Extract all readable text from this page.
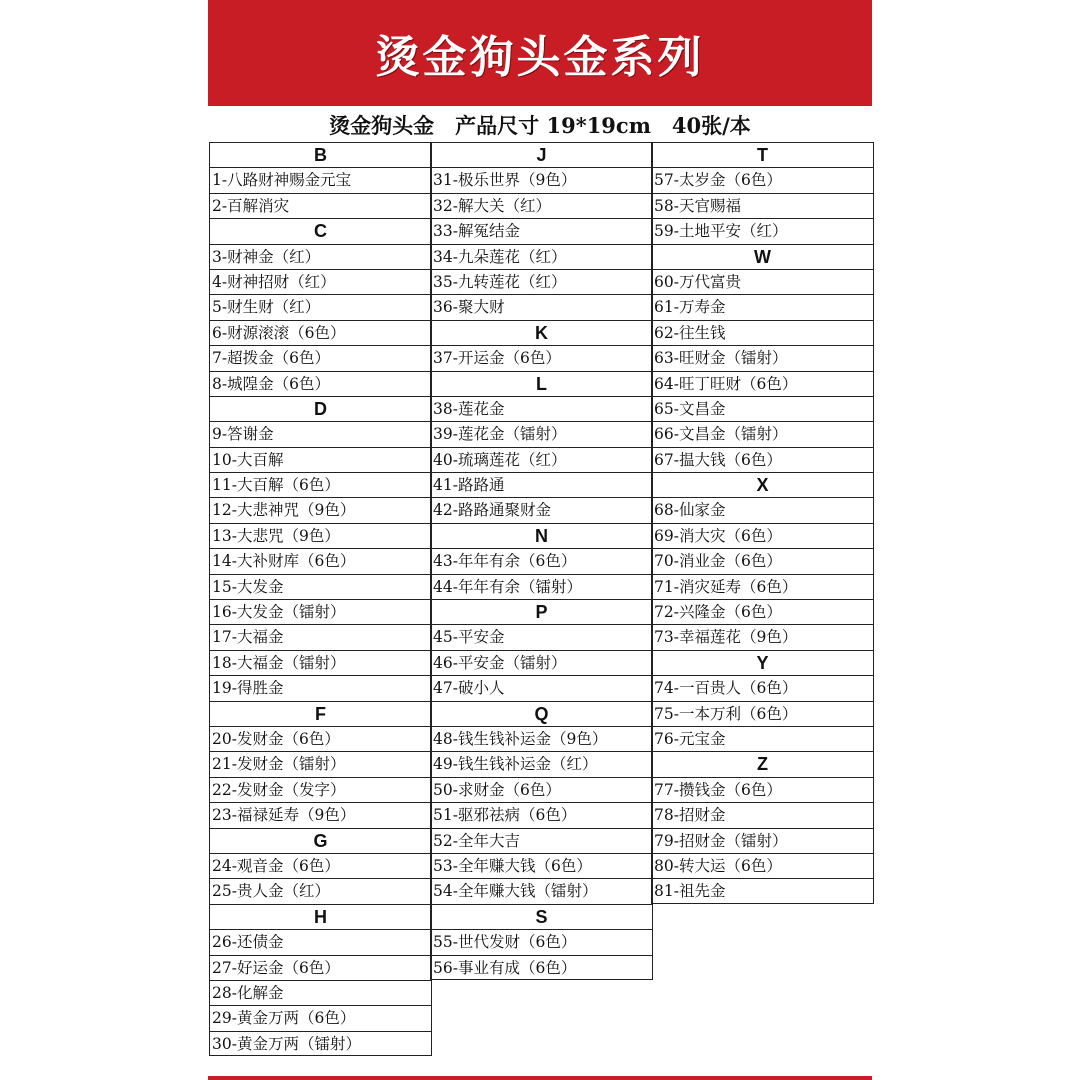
烫金狗头金系列
烫金狗头金　产品尺寸 19*19cm　40张/本
B
1-八路财神赐金元宝
2-百解消灾
C
3-财神金（红）
4-财神招财（红）
5-财生财（红）
6-财源滚滚（6色）
7-超拨金（6色）
8-城隍金（6色）
D
9-答谢金
10-大百解
11-大百解（6色）
12-大悲神咒（9色）
13-大悲咒（9色）
14-大补财库（6色）
15-大发金
16-大发金（镭射）
17-大福金
18-大福金（镭射）
19-得胜金
F
20-发财金（6色）
21-发财金（镭射）
22-发财金（发字）
23-福禄延寿（9色）
G
24-观音金（6色）
25-贵人金（红）
H
26-还债金
27-好运金（6色）
28-化解金
29-黄金万两（6色）
30-黄金万两（镭射）
J
31-极乐世界（9色）
32-解大关（红）
33-解冤结金
34-九朵莲花（红）
35-九转莲花（红）
36-聚大财
K
37-开运金（6色）
L
38-莲花金
39-莲花金（镭射）
40-琉璃莲花（红）
41-路路通
42-路路通聚财金
N
43-年年有余（6色）
44-年年有余（镭射）
P
45-平安金
46-平安金（镭射）
47-破小人
Q
48-钱生钱补运金（9色）
49-钱生钱补运金（红）
50-求财金（6色）
51-驱邪祛病（6色）
52-全年大吉
53-全年赚大钱（6色）
54-全年赚大钱（镭射）
S
55-世代发财（6色）
56-事业有成（6色）
T
57-太岁金（6色）
58-天官赐福
59-土地平安（红）
W
60-万代富贵
61-万寿金
62-往生钱
63-旺财金（镭射）
64-旺丁旺财（6色）
65-文昌金
66-文昌金（镭射）
67-揾大钱（6色）
X
68-仙家金
69-消大灾（6色）
70-消业金（6色）
71-消灾延寿（6色）
72-兴隆金（6色）
73-幸福莲花（9色）
Y
74-一百贵人（6色）
75-一本万利（6色）
76-元宝金
Z
77-攒钱金（6色）
78-招财金
79-招财金（镭射）
80-转大运（6色）
81-祖先金
